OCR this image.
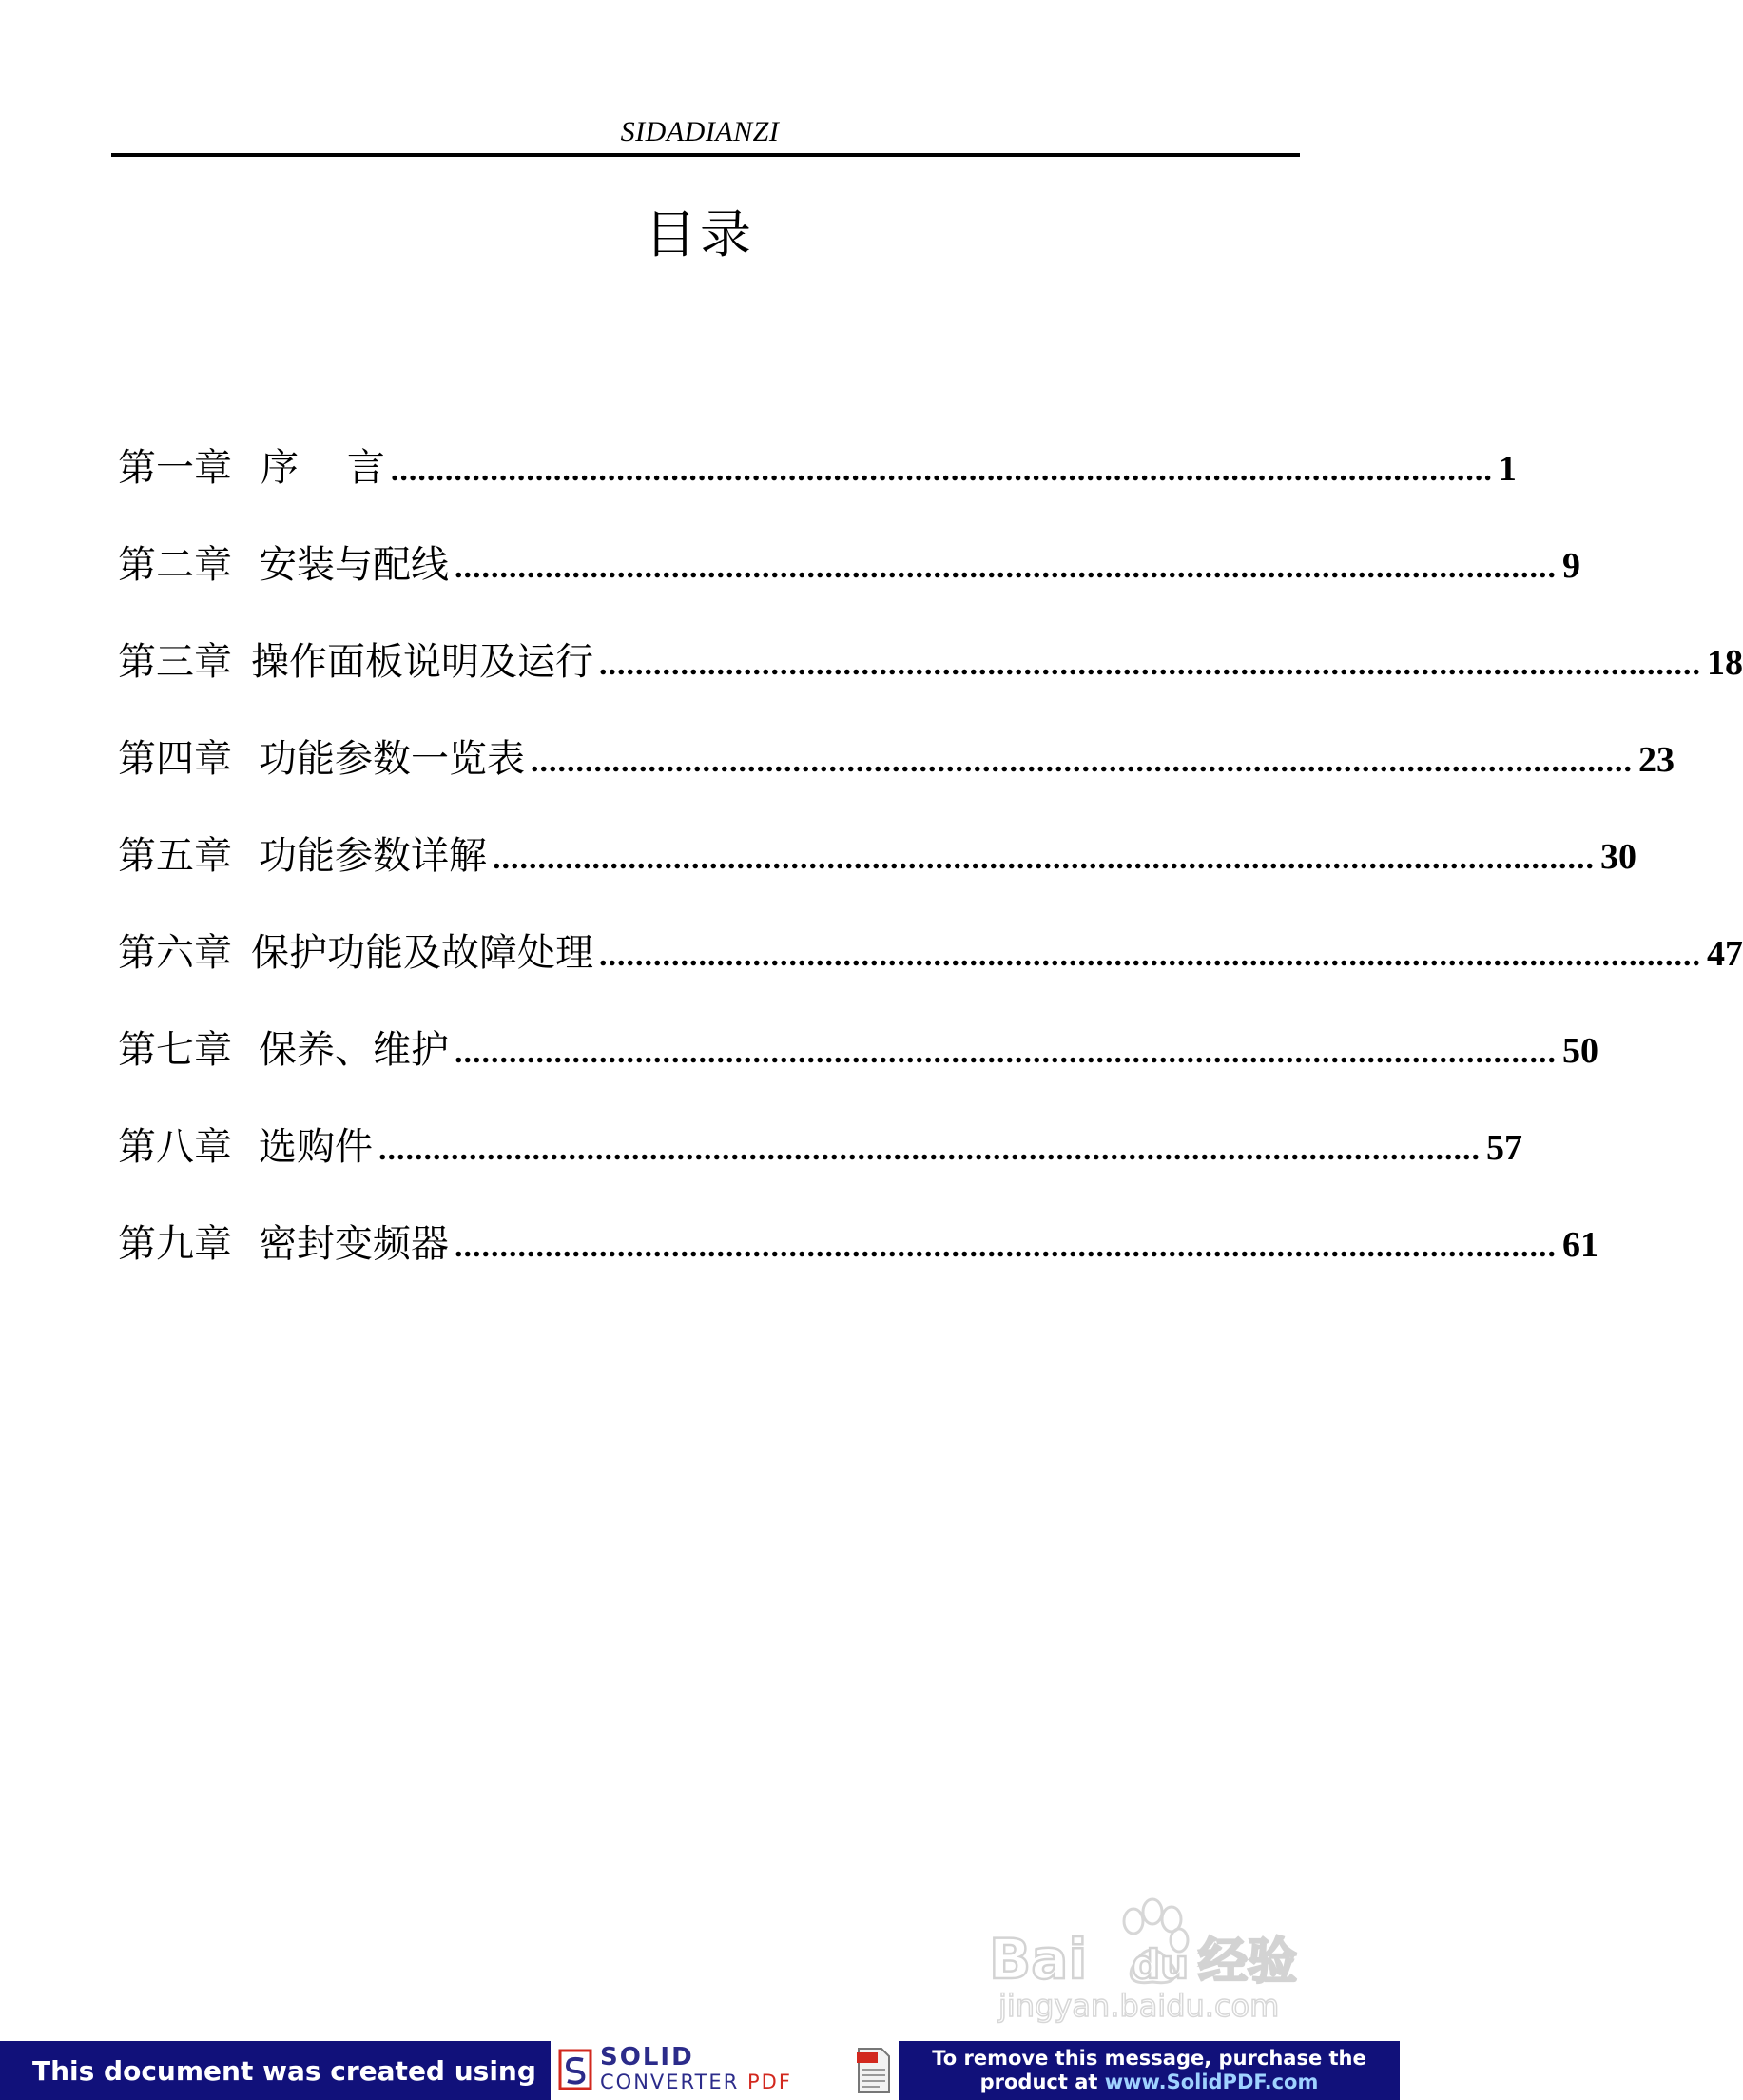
SIDADIANZI
目录
第一章 序    言 .......................................................................................................................... 1
第二章 安装与配线 .......................................................................................................................... 9
第三章 操作面板说明及运行 .......................................................................................................................... 18
第四章 功能参数一览表 .......................................................................................................................... 23
第五章 功能参数详解 .......................................................................................................................... 30
第六章 保护功能及故障处理 .......................................................................................................................... 47
第七章 保养、维护 .......................................................................................................................... 50
第八章 选购件 .......................................................................................................................... 57
第九章 密封变频器 .......................................................................................................................... 61
Bai du 经验
jingyan.baidu.com
This document was created using	SOLID
CONVERTER PDF
To remove this message, purchase the
product at www.SolidPDF.com
